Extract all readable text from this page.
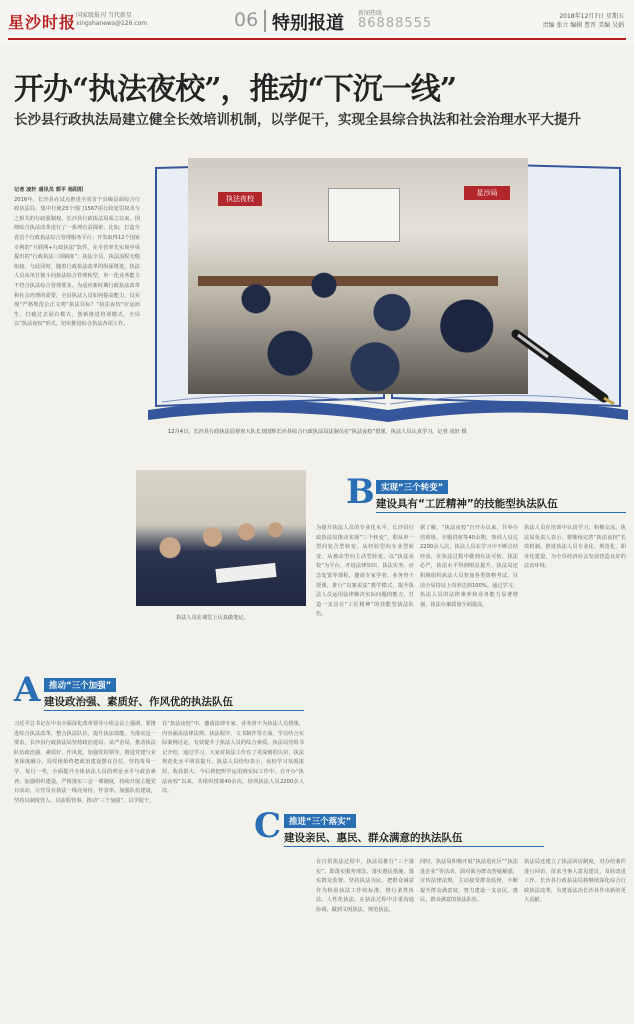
星沙时报 国家级报刊 当代新星
xingshanews@126.com	06 特别报道 新闻热线
86888555	2018年12月7日 星期五
责编 张立 编辑 曹晋 美编 吴娟
开办“执法夜校”，推动“下沉一线”
长沙县行政执法局建立健全长效培训机制，以学促干，实现全县综合执法和社会治理水平大提升
记者 凌轩 通讯员 郭平 杨阳阳
2016年，长沙县在试点推进全省首个县级层面综合行政执法局，集中行使23个部门1567项行政处罚权及与之相关的行政强制权。长沙县行政执法局成立以来，围绕综合执法改革进行了一系列有益探索，比如，打造全省首个行政执法综合管理服务平台；开发取得12个国家专利的“互联网+行政执法”软件，在全省率先实现中央提出的“行政执法三项制度”；执法全员、执法流程无缝衔接。与此同时，随着行政执法改革的纵深推进，执法人员从单打独斗向执法综合管理转型，单一化业务能力不符合执法综合管理要求。为适应新时期行政执法改革和社会治理的需要，全县执法人员如何提高能力、以实现“严格规范公正文明”执法目标？“执法夜校”应运而生。打破过去固有模式，创新推进培训模式，全局以“执法夜校”形式，切实推进综合执法各项工作。
执法夜校
星沙局
12月4日，长沙县行政执法局督查大队长刘国辉长沙县综合行政执法局法制员在“执法夜校”授课，执法人员认真学习。记者 凌轩 摄
执法人员在课堂上认真做笔记。
A	推动“三个加强”
建设政治强、素质好、作风优的执法队伍
习近平总书记在中央全面深化改革领导小组会议上强调，要推进综合执法改革，整合执法队伍，提升执法效能。为落实这一要求，长沙县行政执法局坚持政治建局、从严治局，推动执法队伍政治强、素质好、作风优。加强党的领导，推进党建与业务深度融合。局党组始终把政治建设摆在首位，坚持每周一学、每月一考，全面提升全体执法人员的理论水平与政治素养。加强组织建设，严格落实三会一课制度，持续开展主题党日活动，让党员在执法一线亮身份、作表率。加强队伍建设，坚持以制度管人、以流程管事。推动“三个加强”，以学促干。
在“执法夜校”中，邀请法律专家、业务骨干为执法人员授课，内容涵盖法律法规、执法程序、文书制作等方面，学员结合实际案例讨论，有效提升了执法人员的综合素质。执法局党组书记介绍，通过学习，大家对执法工作有了更深刻的认识，执法规范化水平明显提升。执法人员纷纷表示，夜校学习氛围浓厚，收获很大，今后将把所学运用到实际工作中。自开办“执法夜校”以来，共组织授课40余次，培训执法人员2200余人次。
B 实现“三个转变”
建设具有“工匠精神”的技能型执法队伍
为提升执法人员的专业化水平，长沙县行政执法局推动实现“三个转变”，即从单一型向复合型转变、从经验型向专业型转变、从被动型向主动型转变。以“执法夜校”为平台，开设法律知识、执法实务、应急处置等课程，邀请专家学者、业务骨干授课，推行“以案说法”教学模式，提升执法人员运用法律解决实际问题的能力，打造一支具有“工匠精神”的技能型执法队伍。
据了解，“执法夜校”自开办以来，共举办培训班、专题讲座等40余期，参训人员达2200余人次。执法人员在学习中不断总结经验，在执法过程中做到有法可依、执法必严，执法水平得到明显提升。执法局还积极组织执法人员参加各类资格考试，目前全局持证上岗率达到100%。通过学习，执法人员的法律素养和业务能力显著增强，执法办案质量全面提高。
执法人员在培训中认真学习、积极交流。执法局负责人表示，将继续完善“执法夜校”长效机制，推进执法人员专业化、规范化、职业化建设，为全县经济社会发展营造良好的法治环境。
C 推进“三个落实”
建设亲民、惠民、群众满意的执法队伍
在日常执法过程中，执法局推行“三个落实”，即落实服务理念、落实惠民措施、落实群众监督。坚持执法为民，把群众满意作为检验执法工作的标准，推行柔性执法、人性化执法，在执法过程中注重沟通协调，做到文明执法、规范执法。
同时，执法局积极开展“执法进社区”“执法进企业”等活动，面对面为群众答疑解惑，宣传法律法规，主动接受群众监督，不断提升群众满意度，努力建设一支亲民、惠民、群众满意的执法队伍。
执法局还建立了执法回访制度，对办结案件进行回访，征求当事人意见建议，及时改进工作。长沙县行政执法局将继续深化综合行政执法改革，为建设法治长沙县作出新的更大贡献。
